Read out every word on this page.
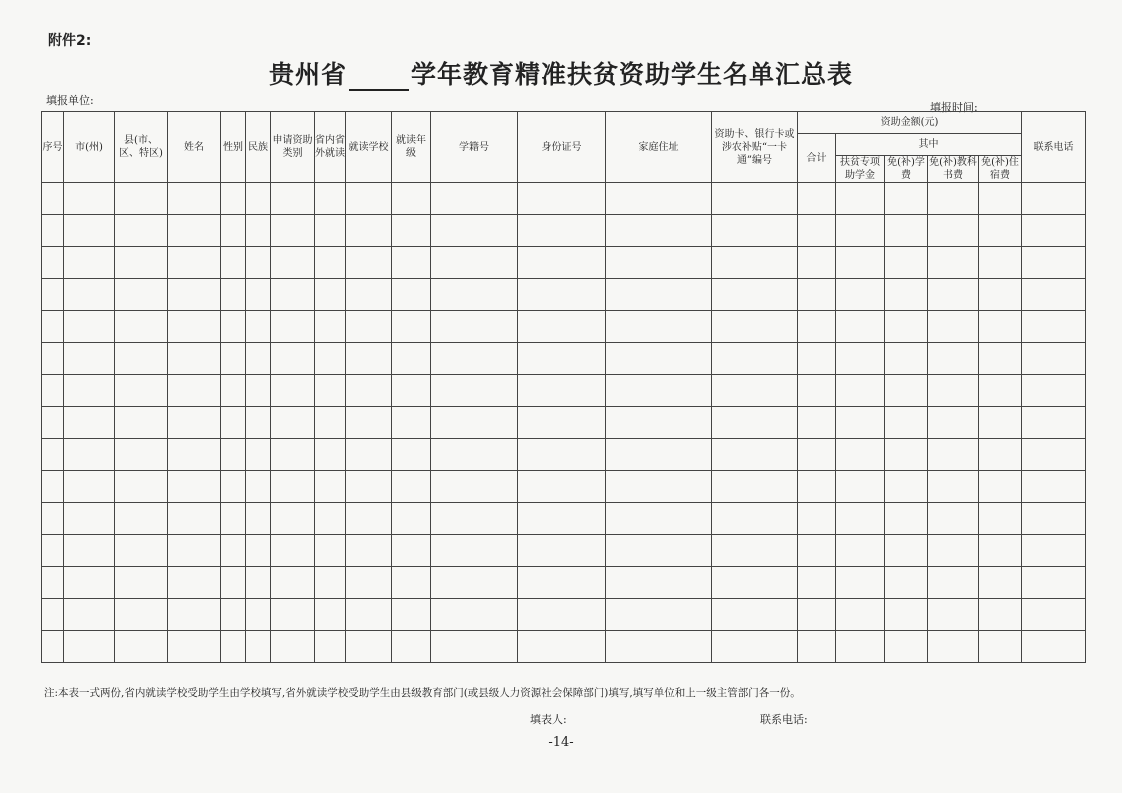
附件2:
贵州省	学年教育精准扶贫资助学生名单汇总表
填报单位:
填报时间:
序号	市(州)	县(市、区、特区)	姓名	性别	民族	申请资助类别	省内省外就读	就读学校	就读年级	学籍号	身份证号	家庭住址	资助卡、银行卡或涉农补贴“一卡通”编号	资助金额(元)					联系电话
														合计	其中				
															扶贫专项助学金	免(补)学费	免(补)教科书费	免(补)住宿费	

注:本表一式两份,省内就读学校受助学生由学校填写,省外就读学校受助学生由县级教育部门(或县级人力资源社会保障部门)填写,填写单位和上一级主管部门各一份。
填表人:	联系电话:
-14-
